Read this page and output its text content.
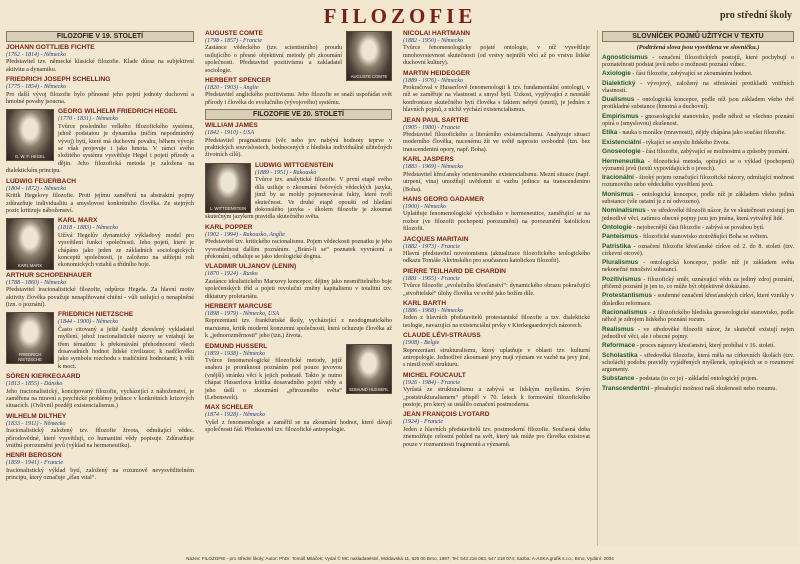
FILOZOFIE	pro střední školy
FILOZOFIE V 19. STOLETÍ
JOHANN GOTTLIEB FICHTE
(1762 - 1814) - Německo
Představitel tzv. německé klasické filozofie. Klade důraz na subjektivní aktivitu a dynamiku.
FRIEDRICH JOSEPH SCHELLING
(1775 - 1854) - Německo
Pro další vývoj filozofie bylo přínosné jeho pojetí jednoty duchovní a hmotné povahy jsoucna.
G. W. F. HEGEL
GEORG WILHELM FRIEDRICH HEGEL
(1770 - 1831) - Německo
Tvůrce posledního velkého filozofického systému, jehož podstatou je dynamika (ničím nepodmíněný vývoj) bytí, které má duchovní povahu, během vývoje se však projevuje i jako hmota. V rámci svého složitého systému vysvětluje Hegel i pojetí přírody a dějin. Jeho filozofická metoda je založena na dialektickém principu.
LUDWIG FEUERBACH
(1804 - 1872) - Německo
Kritik Hegelovy filozofie. Proti jejímu zaměření na abstraktní pojmy zdůrazňuje individualitu a smyslovost konkrétního člověka. Ze stejných pozic kritizuje náboženství.
KARL MARX
KARL MARX
(1818 - 1883) - Německo
Užívá Hegelův dynamický výkladový model pro vysvětlení funkcí společnosti. Jeho pojetí, které je chápáno jako jeden ze základních sociologických konceptů společnosti, je založeno na stěžejní roli ekonomických vztahů a třídního boje.
ARTHUR SCHOPENHAUER
(1788 - 1860) - Německo
Představitel iracionalistické filozofie, odpůrce Hegela. Za hlavní motiv aktivity člověka považuje nenaplňované chtění - vůli usilující o nenaplněné (tzn. o poznání).
FRIEDRICH NIETZSCHE
FRIEDRICH NIETZSCHE
(1844 - 1900) - Německo
Často citovaný a ještě častěji zkreslený vykladatel myšlení, jehož iracionalistické názory se vztahují ke třem tématům: k překonávání přehodnocení všech dosavadních hodnot lidské civilizace; k nadčlověku jako symbolu rozchodu s tradičními hodnotami; k vůli k moci.
SÖREN KIERKEGAARD
(1813 - 1855) - Dánsko
Jeho iracionalistický, koncipovaný filozofie, vycházející z náboženství, je zaměřena na mravní a psychické problémy jedince v konkrétních krizových situacích. (Ovlivnil později existencialismus.)
WILHELM DILTHEY
(1833 - 1911) - Německo
Iracionalistický založený tzv. filozofie života, odmítající vědec. přírodovědné, které vysvětlují, co humanitní vědy popisuje. Zdůrazňuje vnitřní porozumění jevů (výklad na hermeneutiku).
HENRI BERGSON
(1859 - 1941) - Francie
Iracionalistický výklad bytí, založený na rozumově nevysvětlitelném principu, který označuje „élan vital“.
AUGUSTE COMTE
AUGUSTE COMTE
(1798 - 1857) - Francie
Zastánce vědeckého (tzv. scientistního) proudu usilujícího o přesné objektivní metody při zkoumání společnosti. Představitel pozitivismu a zakladatel sociologie.
HERBERT SPENCER
(1820 - 1903) - Anglie
Představitel anglického pozitivismu. Jeho filozofie se snaží uspořádat svět přírody i člověka do evolučního (vývojového) systému.
FILOZOFIE VE 20. STOLETÍ
WILLIAM JAMES
(1842 - 1910) - USA
Představitel pragmatismu (věc nebo jev nabývá hodnoty teprve v praktických souvislostech, hodnocených z hlediska individuálně užitečných životních cílů).
L. WITTGENSTEIN
LUDWIG WITTGENSTEIN
(1889 - 1951) - Rakousko
Tvůrce tzv. analytické filozofie. V první etapě svého díla usiluje o zkoumání řečových vědeckých jazyka, jímž by se mohly pojmenovávat fakty, které tvoří skutečnost. Ve druhé etapě opouští od hledání dokonalého jazyka - úkolem filozofie je zkoumat skutečným jazykem pravidla skutečného světa.
KARL POPPER
(1902 - 1994) - Rakousko, Anglie
Představitel tzv. kritického racionalismu. Pojem vědeckosti poznatku je jeho vyvratitelnost dalším poznáním. „Brání-li se“ poznatek vyvrácení a překonání, odhaluje se jako ideologické dogma.
VLADIMIR ULJANOV (LENIN)
(1870 - 1924) - Rusko
Zastánce idealistického Marxovy koncepce; dějiny jako nesmiřitelného boje společenských tříd a pojetí revoluční změny kapitalismu v totalitní tzv. diktatury proletariátu.
HERBERT MARCUSE
(1898 - 1979) - Německo, USA
Reprezentant tzv. frankfurtské školy, vycházející z neodogmatického marxismu, kritik moderní konzumní společnosti, která ochuzuje člověka až k „jednorozměrnosti“ jeho (tzn.) života.
EDMUND HUSSERL
EDMUND HUSSERL
(1859 - 1938) - Německo
Tvůrce fenomenologické filozofické metody, jejíž snahou je proniknout poznáním pod pouze jevovou (vnější) stránku věcí k jejich podstatě. Takto je nutno chápat Husserlova kritika dosavadního pojetí vědy a jeho úsilí o zkoumání „přirozeného světa“ (Lebenswelt).
MAX SCHELER
(1874 - 1928) - Německo
Vyšel z fenomenologie a zaměřil se na zkoumání hodnot, které dávají společnosti řád. Představitel tzv. filozofické antropologie.
NICOLAI HARTMANN
(1882 - 1950) - Německo
Tvůrce fenomenologicky pojaté ontologie, v níž vysvětluje mnohovrstevnost skutečnosti (od vrstvy nejnižší věcí až po vrstvu lidské duchovní kultury).
MARTIN HEIDEGGER
(1889 - 1976) - Německo
Prokračoval v Husserlově fenomenologii k tzv. fundamentální ontologii, v níž se zaměřuje na vlastnosti a smysl bytí. Úzkost, vyplývající z neustálé konfrontace skutečného bytí člověka s faktem nebytí (smrti), je jedním z hlavních pojmů, z nichž vychází existencialismus.
JEAN PAUL SARTRE
(1905 - 1980) - Francie
Představitel filozofického a literárního existencialismu. Analyzuje situaci moderního člověka, nucenému žít ve světě naprosto svobodně (tzn. bez transcendentní opory, např. Boha).
KARL JASPERS
(1883 - 1969) - Německo
Představitel křesťansky orientovaného existencialismu. Mezní situace (např. utrpení, vina) umožňují uvědomit si vazbu jedince na transcendentno (Boha).
HANS GEORG GADAMER
(1900) - Německo
Uplatňuje fenomenologické východisko v hermeneutice, zaměřující se na rozbor (ve filozofii pochopení porozumění) na porozumění katolickou filozofii.
JACQUES MARITAIN
(1882 - 1973) - Francie
Hlavní představitel novotomismu (aktualizace filozofického teologického odkazu Tomáše Akvinského pro současnou katolickou filozofii).
PIERRE TEILHARD DE CHARDIN
(1881 - 1955) - Francie
Tvůrce filozofie „evolučního křesťanství“: dynamického obrazu pokračující „stvořitelské“ úlohy člověka ve světě jako božím díle.
KARL BARTH
(1886 - 1968) - Německo
Jeden z hlavních představitelů protestantské filozofie a tzv. dialektické teologie, navazující na existenciální prvky v Kierkegaardových názorech.
CLAUDE LÉVI-STRAUSS
(1908) - Belgie
Reprezentant strukturalismu, který uplatňuje v oblasti tzv. kulturní antropologie. Jednotlivé zkoumané jevy mají význam ve vazbě na jevy jiné, s nimiž tvoří strukturu.
MICHEL FOUCAULT
(1926 - 1984) - Francie
Vyrůstá ze strukturalismu a zabývá se lidským myšlením. Svým „poststrukturalismem“ přispěl v 70. letech k formování filozofického postoje, pro který se ustálilo označení postmoderna.
JEAN FRANÇOIS LYOTARD
(1924) - Francie
Jeden z hlavních představitelů tzv. postmoderní filozofie. Současná doba znemožňuje celostní pohled na svět, který tak může pro člověka existovat pouze v rozmanitosti fragmentů a významů.
SLOVNÍČEK POJMŮ UŽITÝCH V TEXTU
(Podtržená slova jsou vysvětlena ve slovníčku.)
Agnosticismus - označení filozofických postojů, které pochybují o poznatelnosti podstat jevů nebo o možnosti poznání vůbec.
Axiologie - část filozofie, zabývající se zkoumáním hodnot.
Dialektický - vývojový, založený na střetávání protikladů vnitřních vlastností.
Dualismus - ontologická koncepce, podle níž jsou základem všeho dvě protikladné substance (hmotná a duchovní).
Empirismus - gnoseologické stanovisko, podle něhož se všechno poznání opírá o (smyslovou) zkušenost.
Etika - nauka o morálce (mravnosti), nějdy chápána jako součást filozofie.
Existenciální - týkající se smyslu lidského života.
Gnoseologie - část filozofie, zabývající se možnostmi a způsoby poznání.
Hermeneutika - filozofická metoda, opírající se o výklad (pochopení) významů jevů (textů vypovídajících o jevech).
Iracionální - široký pojem označující filozofické názory, odmítající možnost rozumového nebo vědeckého vysvětlení jevů.
Monismus - ontologická koncepce, podle níž je základem všeho jediná substance (vše ostatní je z ní odvozeno).
Nominalismus - ve středověké filozofii názor, že ve skutečnosti existují jen jednotlivé věci, zatímco obecné pojmy jsou jen jména, která vytvářejí lidé.
Ontologie - nejobecnější část filozofie - zabývá se povahou bytí.
Panteismus - filozofické stanovisko ztotožňující Boha se světem.
Patristika - označení filozofie křesťanské církve od 2. do 8. století (tzv. církevní otcové).
Pluralismus - ontologická koncepce, podle níž je základem světa nekonečné množství substancí.
Pozitivismus - filozofický směr, uznávající vědu za jediný zdroj poznání, přičemž poznání je jen to, co může být objektivně dokázáno.
Protestantismus - souhrnné označení křesťanských církví, které vznikly v důsledku reformace.
Racionalismus - z filozofického hlediska gnoseologické stanovisko, podle něhož je zdrojem lidského poznání rozum.
Realismus - ve středověké filozofii názor, že skutečně existují nejen jednotlivé věci, ale i obecné pojmy.
Reformace - proces nápravy křesťanství, který probíhal v 16. století.
Scholastika - středověká filozofie, která měla na církevních školách (tzv. scholách) podobu pravidly vyjádřených myšlenek, opírajících se o rozumové argumenty.
Substance - podstata (to co je) - základní ontologický pojem.
Transcendentní - přesahující možnost naší zkušenosti nebo rozumu.
Název: FILOZOFIE - pro střední školy; Autor: PhDr. Tomáš Miláček; Vydal © MC nakladatelství, Moldavská 11, 625 00 Brno, 1997; Tel: 543 216 083, 547 218 074; Sazba: A-ASKA grafik s.r.o., Brno; Vydání: 2004
